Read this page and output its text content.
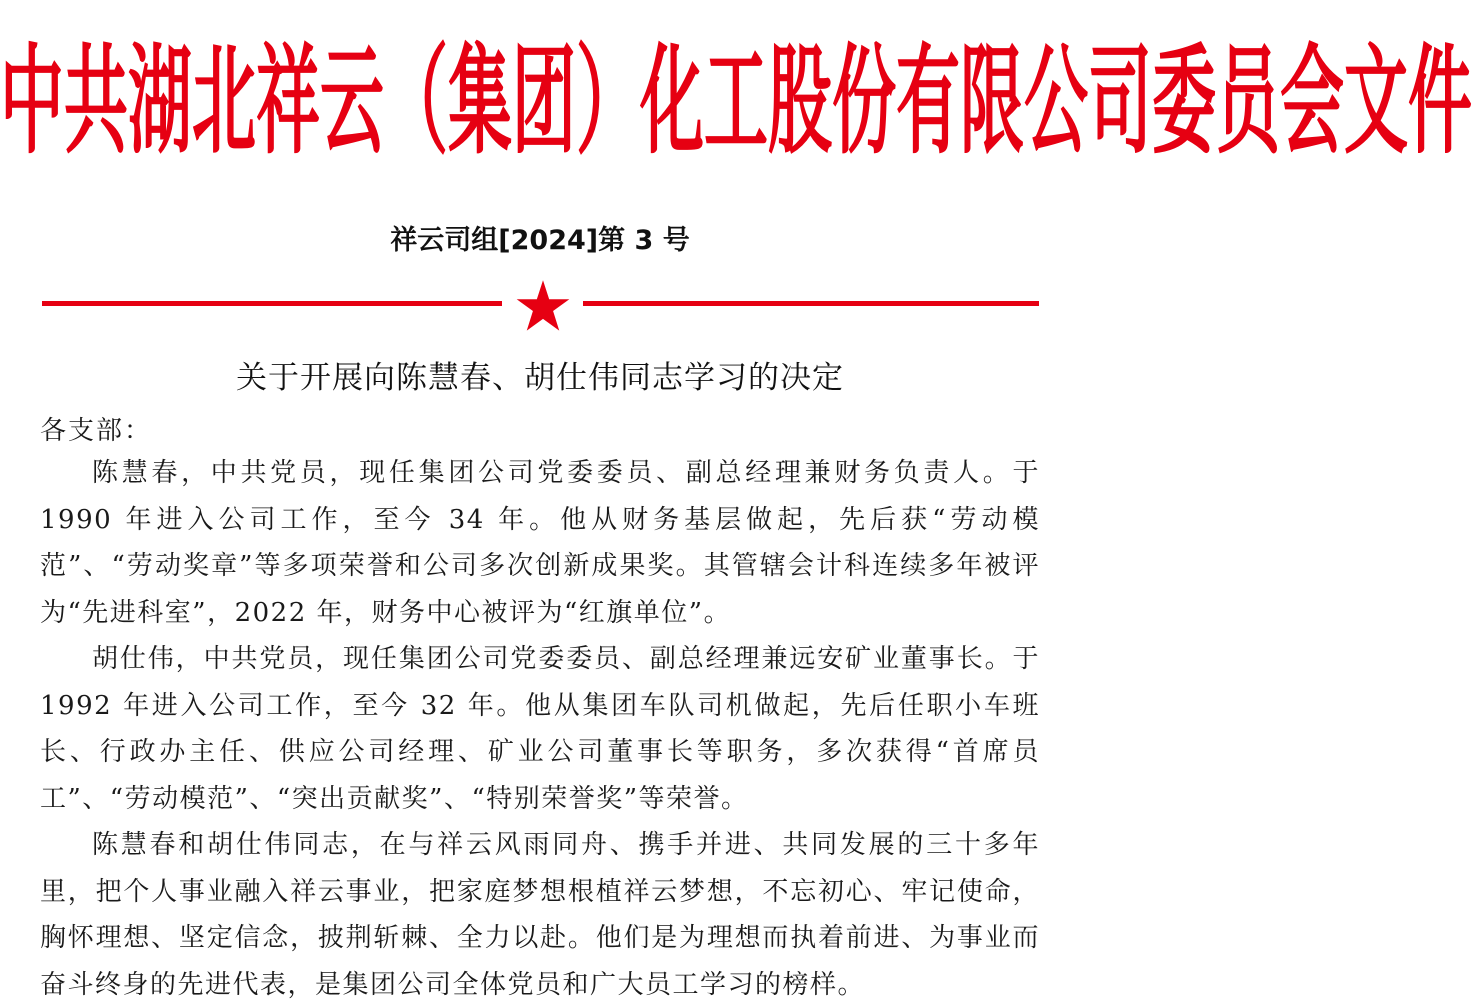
中共湖北祥云（集团）化工股份有限公司委员会文件
祥云司组[2024]第 3 号
关于开展向陈慧春、胡仕伟同志学习的决定
各支部：

陈慧春，中共党员，现任集团公司党委委员、副总经理兼财务负责人。于1990 年进入公司工作，至今 34 年。他从财务基层做起，先后获“劳动模范”、“劳动奖章”等多项荣誉和公司多次创新成果奖。其管辖会计科连续多年被评为“先进科室”，2022 年，财务中心被评为“红旗单位”。

胡仕伟，中共党员，现任集团公司党委委员、副总经理兼远安矿业董事长。于 1992 年进入公司工作，至今 32 年。他从集团车队司机做起，先后任职小车班长、行政办主任、供应公司经理、矿业公司董事长等职务，多次获得“首席员工”、“劳动模范”、“突出贡献奖”、“特别荣誉奖”等荣誉。

陈慧春和胡仕伟同志，在与祥云风雨同舟、携手并进、共同发展的三十多年里，把个人事业融入祥云事业，把家庭梦想根植祥云梦想，不忘初心、牢记使命，胸怀理想、坚定信念，披荆斩棘、全力以赴。他们是为理想而执着前进、为事业而奋斗终身的先进代表，是集团公司全体党员和广大员工学习的榜样。
